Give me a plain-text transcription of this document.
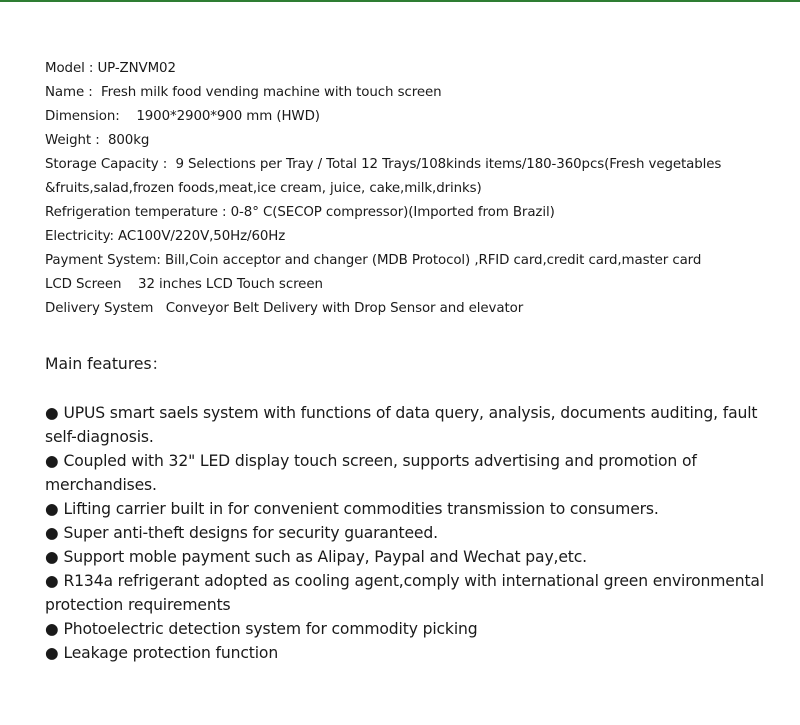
Model : UP-ZNVM02
Name :  Fresh milk food vending machine with touch screen
Dimension:    1900*2900*900 mm (HWD)
Weight :  800kg
Storage Capacity :  9 Selections per Tray / Total 12 Trays/108kinds items/180-360pcs(Fresh vegetables
&fruits,salad,frozen foods,meat,ice cream, juice, cake,milk,drinks)
Refrigeration temperature : 0-8° C(SECOP compressor)(Imported from Brazil)
Electricity: AC100V/220V,50Hz/60Hz
Payment System: Bill,Coin acceptor and changer (MDB Protocol) ,RFID card,credit card,master card
LCD Screen    32 inches LCD Touch screen
Delivery System   Conveyor Belt Delivery with Drop Sensor and elevator
Main features：

● UPUS smart saels system with functions of data query, analysis, documents auditing, fault self-diagnosis.

● Coupled with 32" LED display touch screen, supports advertising and promotion of merchandises.

● Lifting carrier built in for convenient commodities transmission to consumers.

● Super anti-theft designs for security guaranteed.

● Support moble payment such as Alipay, Paypal and Wechat pay,etc.

● R134a refrigerant adopted as cooling agent,comply with international green environmental protection requirements

● Photoelectric detection system for commodity picking

● Leakage protection function
